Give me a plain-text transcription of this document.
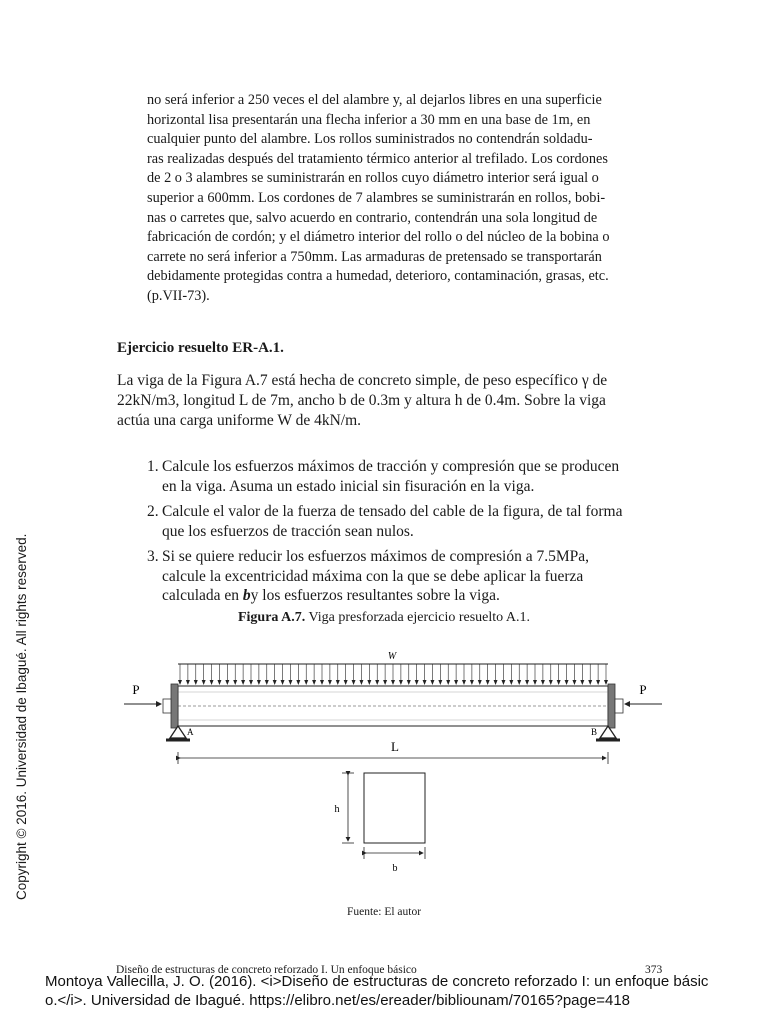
no será inferior a 250 veces el del alambre y, al dejarlos libres en una superficie
horizontal lisa presentarán una flecha inferior a 30 mm en una base de 1m, en
cualquier punto del alambre. Los rollos suministrados no contendrán soldadu-
ras realizadas después del tratamiento térmico anterior al trefilado. Los cordones
de 2 o 3 alambres se suministrarán en rollos cuyo diámetro interior será igual o
superior a 600mm. Los cordones de 7 alambres se suministrarán en rollos, bobi-
nas o carretes que, salvo acuerdo en contrario, contendrán una sola longitud de
fabricación de cordón; y el diámetro interior del rollo o del núcleo de la bobina o
carrete no será inferior a 750mm. Las armaduras de pretensado se transportarán
debidamente protegidas contra a humedad, deterioro, contaminación, grasas, etc.
(p.VII-73).

Ejercicio resuelto ER-A.1.

La viga de la Figura A.7 está hecha de concreto simple, de peso específico γ de
22kN/m3, longitud L de 7m, ancho b de 0.3m y altura h de 0.4m. Sobre la viga
actúa una carga uniforme W de 4kN/m.
1. Calcule los esfuerzos máximos de tracción y compresión que se producen
en la viga. Asuma un estado inicial sin fisuración en la viga.
2. Calcule el valor de la fuerza de tensado del cable de la figura, de tal forma
que los esfuerzos de tracción sean nulos.
3. Si se quiere reducir los esfuerzos máximos de compresión a 7.5MPa,
calcule la excentricidad máxima con la que se debe aplicar la fuerza
calculada en by los esfuerzos resultantes sobre la viga.

Figura A.7. Viga presforzada ejercicio resuelto A.1.

W
P	P
A	B
L
h
b

Fuente: El autor

Diseño de estructuras de concreto reforzado I. Un enfoque básico	373

Montoya Vallecilla, J. O. (2016). <i>Diseño de estructuras de concreto reforzado I: un enfoque básic
o.</i>. Universidad de Ibagué. https://elibro.net/es/ereader/bibliounam/70165?page=418
Copyright © 2016. Universidad de Ibagué. All rights reserved.
